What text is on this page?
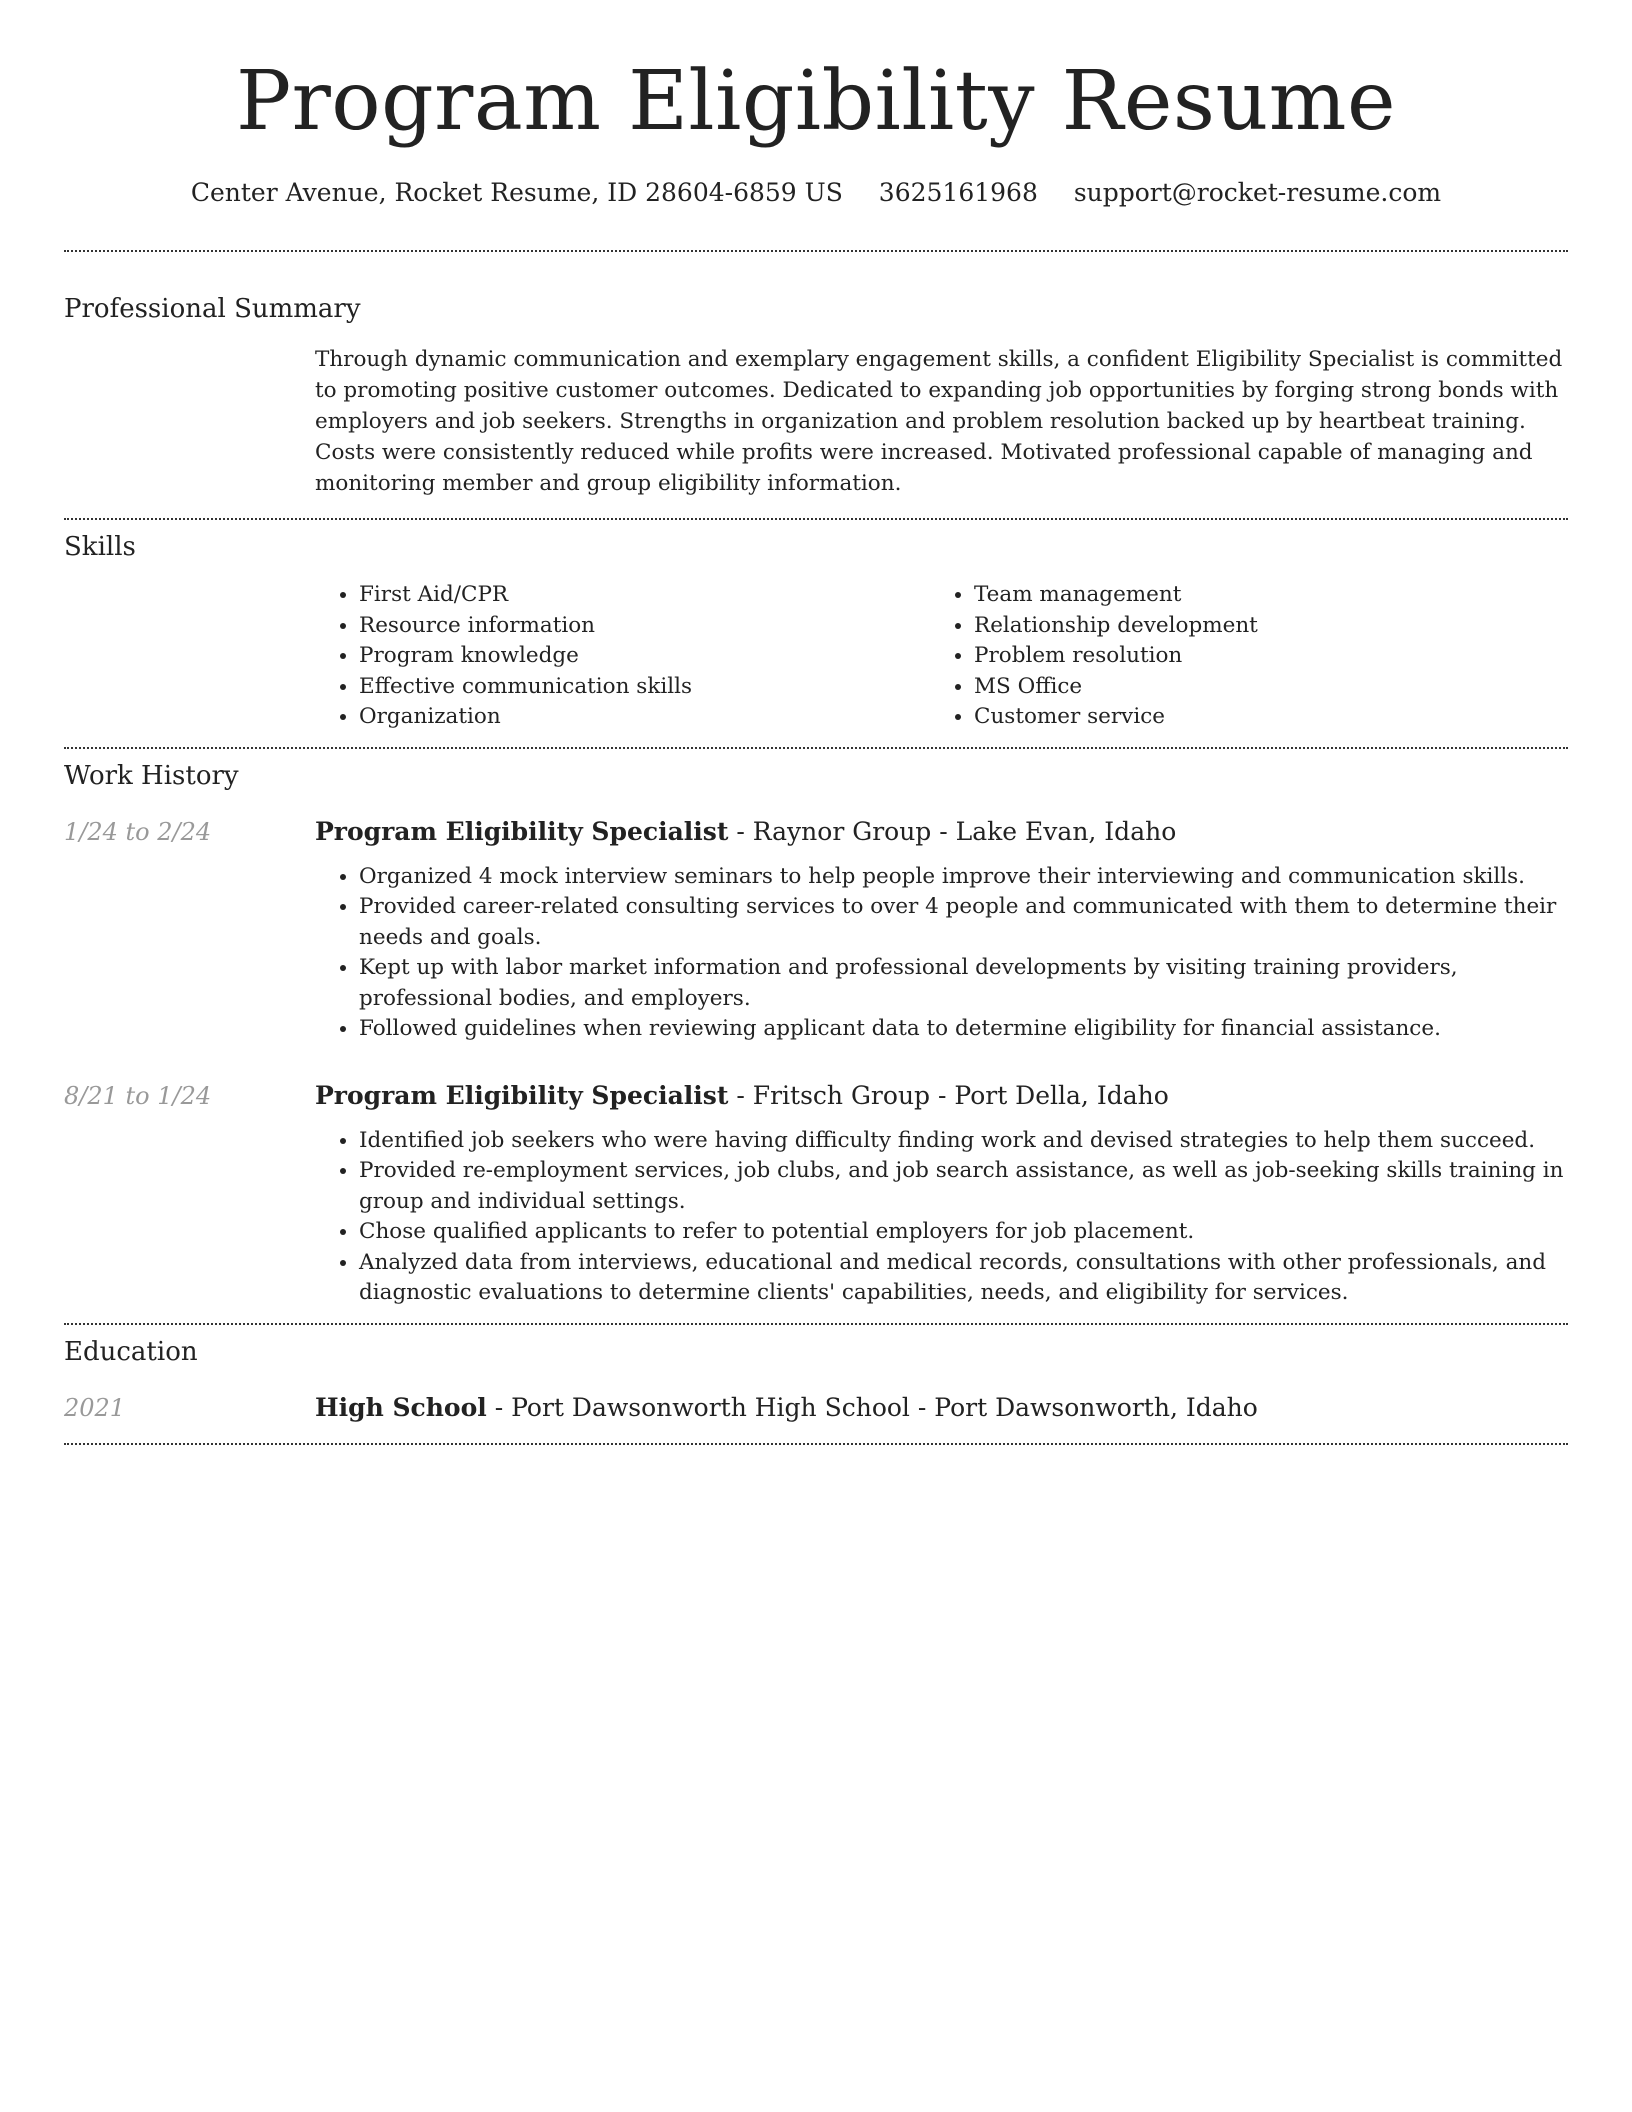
Program Eligibility Resume
Center Avenue, Rocket Resume, ID 28604-6859 US 3625161968 support@rocket-resume.com
Professional Summary

Through dynamic communication and exemplary engagement skills, a confident Eligibility Specialist is committed to promoting positive customer outcomes. Dedicated to expanding job opportunities by forging strong bonds with employers and job seekers. Strengths in organization and problem resolution backed up by heartbeat training. Costs were consistently reduced while profits were increased. Motivated professional capable of managing and monitoring member and group eligibility information.

Skills
• First Aid/CPR
• Resource information
• Program knowledge
• Effective communication skills
• Organization
• Team management
• Relationship development
• Problem resolution
• MS Office
• Customer service
Work History
1/24 to 2/24	Program Eligibility Specialist - Raynor Group - Lake Evan, Idaho
• Organized 4 mock interview seminars to help people improve their interviewing and communication skills.
• Provided career-related consulting services to over 4 people and communicated with them to determine their needs and goals.
• Kept up with labor market information and professional developments by visiting training providers, professional bodies, and employers.
• Followed guidelines when reviewing applicant data to determine eligibility for financial assistance.
8/21 to 1/24	Program Eligibility Specialist - Fritsch Group - Port Della, Idaho
• Identified job seekers who were having difficulty finding work and devised strategies to help them succeed.
• Provided re-employment services, job clubs, and job search assistance, as well as job-seeking skills training in group and individual settings.
• Chose qualified applicants to refer to potential employers for job placement.
• Analyzed data from interviews, educational and medical records, consultations with other professionals, and diagnostic evaluations to determine clients' capabilities, needs, and eligibility for services.
Education
2021	High School - Port Dawsonworth High School - Port Dawsonworth, Idaho
